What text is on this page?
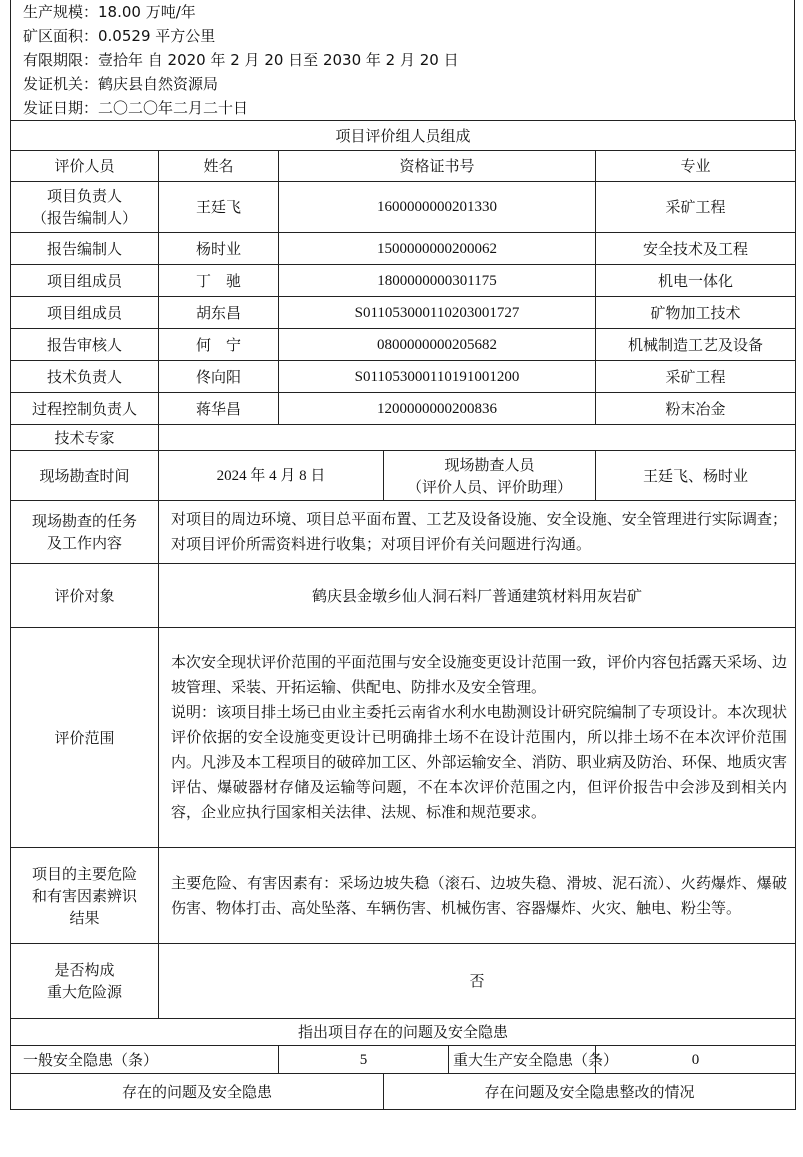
生产规模：18.00 万吨/年
矿区面积：0.0529 平方公里
有限期限：壹拾年 自 2020 年 2 月 20 日至 2030 年 2 月 20 日
发证机关：鹤庆县自然资源局
发证日期：二〇二〇年二月二十日
项目评价组人员组成					
评价人员	姓名	资格证书号			专业
项目负责人
（报告编制人）	王廷飞	1600000000201330			采矿工程
报告编制人	杨时业	1500000000200062			安全技术及工程
项目组成员	丁　驰	1800000000301175			机电一体化
项目组成员	胡东昌	S011053000110203001727			矿物加工技术
报告审核人	何　宁	0800000000205682			机械制造工艺及设备
技术负责人	佟向阳	S011053000110191001200			采矿工程
过程控制负责人	蒋华昌	1200000000200836			粉末冶金
技术专家					
现场勘查时间	2024 年 4 月 8 日		现场勘查人员
（评价人员、评价助理）		王廷飞、杨时业
现场勘查的任务
及工作内容	对项目的周边环境、项目总平面布置、工艺及设备设施、安全设施、安全管理进行实际调查；对项目评价所需资料进行收集；对项目评价有关问题进行沟通。				
评价对象	鹤庆县金墩乡仙人洞石料厂普通建筑材料用灰岩矿				
评价范围	本次安全现状评价范围的平面范围与安全设施变更设计范围一致，评价内容包括露天采场、边坡管理、采装、开拓运输、供配电、防排水及安全管理。
说明：该项目排土场已由业主委托云南省水利水电勘测设计研究院编制了专项设计。本次现状评价依据的安全设施变更设计已明确排土场不在设计范围内，所以排土场不在本次评价范围内。凡涉及本工程项目的破碎加工区、外部运输安全、消防、职业病及防治、环保、地质灾害评估、爆破器材存储及运输等问题，不在本次评价范围之内，但评价报告中会涉及到相关内容，企业应执行国家相关法律、法规、标准和规范要求。				

项目的主要危险
和有害因素辨识
结果	主要危险、有害因素有：采场边坡失稳（滚石、边坡失稳、滑坡、泥石流）、火药爆炸、爆破伤害、物体打击、高处坠落、车辆伤害、机械伤害、容器爆炸、火灾、触电、粉尘等。				
是否构成
重大危险源	否				
指出项目存在的问题及安全隐患					
一般安全隐患（条）		5		重大生产安全隐患（条）	0
存在的问题及安全隐患			存在问题及安全隐患整改的情况		
